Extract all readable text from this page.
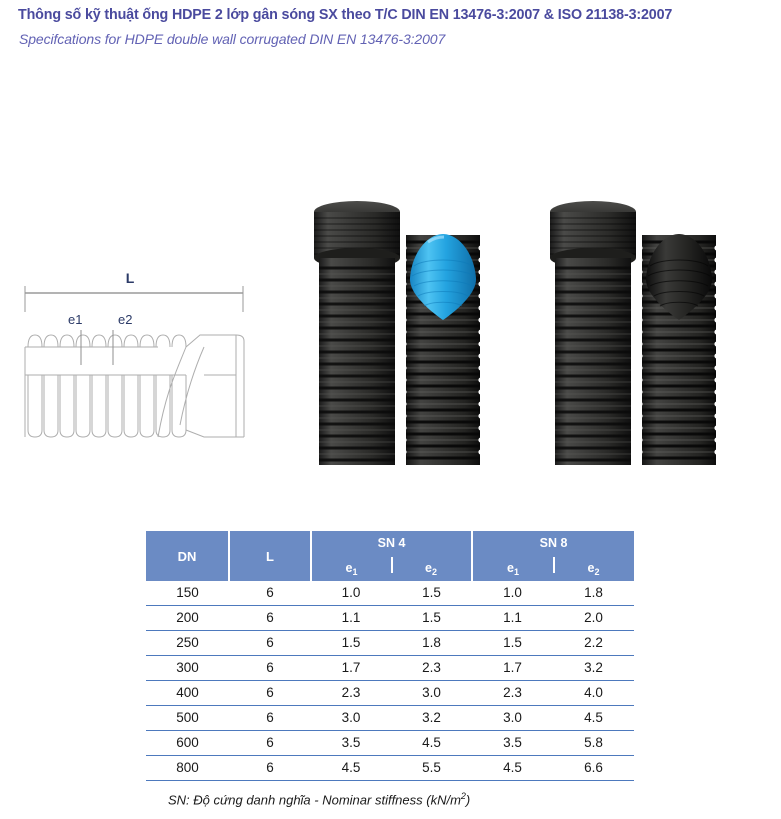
Thông số kỹ thuật ống HDPE 2 lớp gân sóng SX theo T/C DIN EN 13476-3:2007 & ISO 21138-3:2007
Specifcations for HDPE double wall corrugated DIN EN 13476-3:2007
L
e1	e2
DN	L	SN 4		SN 8	
		$e_1$	$e_2$	$e_1$	$e_2$
150	6	1.0	1.5	1.0	1.8
200	6	1.1	1.5	1.1	2.0
250	6	1.5	1.8	1.5	2.2
300	6	1.7	2.3	1.7	3.2
400	6	2.3	3.0	2.3	4.0
500	6	3.0	3.2	3.0	4.5
600	6	3.5	4.5	3.5	5.8
800	6	4.5	5.5	4.5	6.6
SN: Độ cứng danh nghĩa - Nominar stiffness $(kN/m^2)$
